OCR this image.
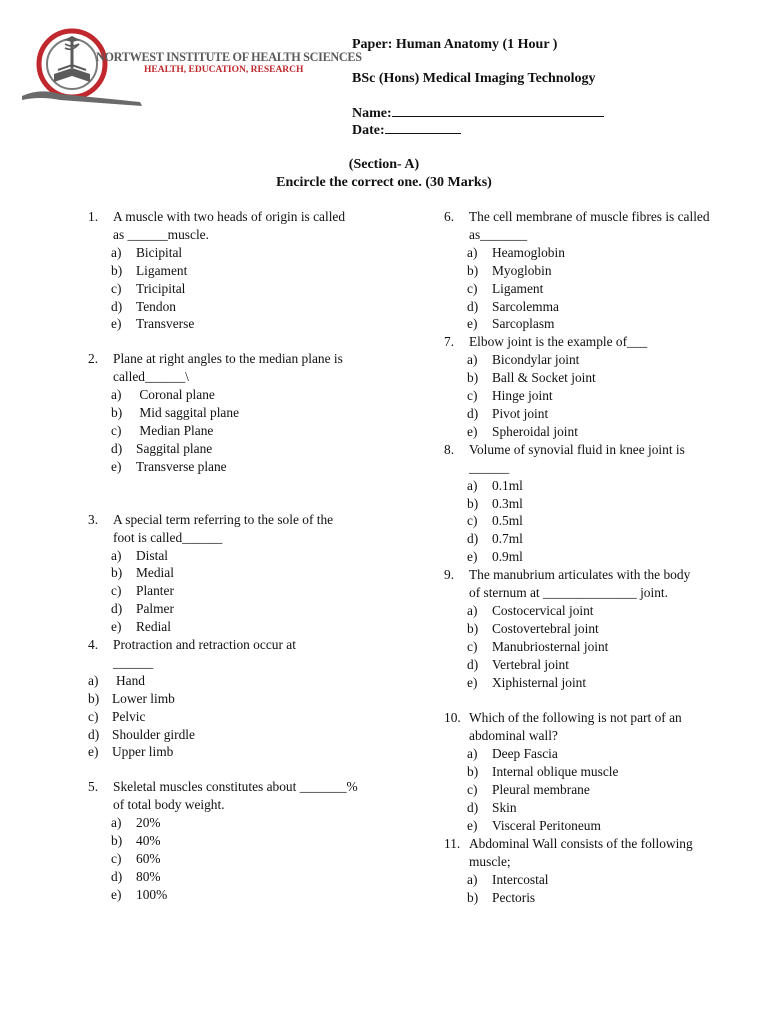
NORTWEST INSTITUTE OF HEALTH SCIENCES
HEALTH, EDUCATION, RESEARCH
Paper: Human Anatomy (1 Hour )
BSc (Hons) Medical Imaging Technology
Name:
Date:
(Section- A)
Encircle the correct one. (30 Marks)
1. A muscle with two heads of origin is called as ______muscle.
a) Bicipital
b) Ligament
c) Tricipital
d) Tendon
e) Transverse
2. Plane at right angles to the median plane is called______\
a) Coronal plane
b) Mid saggital plane
c) Median Plane
d) Saggital plane
e) Transverse plane
3. A special term referring to the sole of the foot is called______
a) Distal
b) Medial
c) Planter
d) Palmer
e) Redial
4. Protraction and retraction occur at ______
a) Hand
b) Lower limb
c) Pelvic
d) Shoulder girdle
e) Upper limb
5. Skeletal muscles constitutes about _______% of total body weight.
a) 20%
b) 40%
c) 60%
d) 80%
e) 100%
6. The cell membrane of muscle fibres is called as_______
a) Heamoglobin
b) Myoglobin
c) Ligament
d) Sarcolemma
e) Sarcoplasm
7. Elbow joint is the example of___
a) Bicondylar joint
b) Ball & Socket joint
c) Hinge joint
d) Pivot joint
e) Spheroidal joint
8. Volume of synovial fluid in knee joint is ______
a) 0.1ml
b) 0.3ml
c) 0.5ml
d) 0.7ml
e) 0.9ml
9. The manubrium articulates with the body of sternum at ______________ joint.
a) Costocervical joint
b) Costovertebral joint
c) Manubriosternal joint
d) Vertebral joint
e) Xiphisternal joint
10. Which of the following is not part of an abdominal wall?
a) Deep Fascia
b) Internal oblique muscle
c) Pleural membrane
d) Skin
e) Visceral Peritoneum
11. Abdominal Wall consists of the following muscle;
a) Intercostal
b) Pectoris
